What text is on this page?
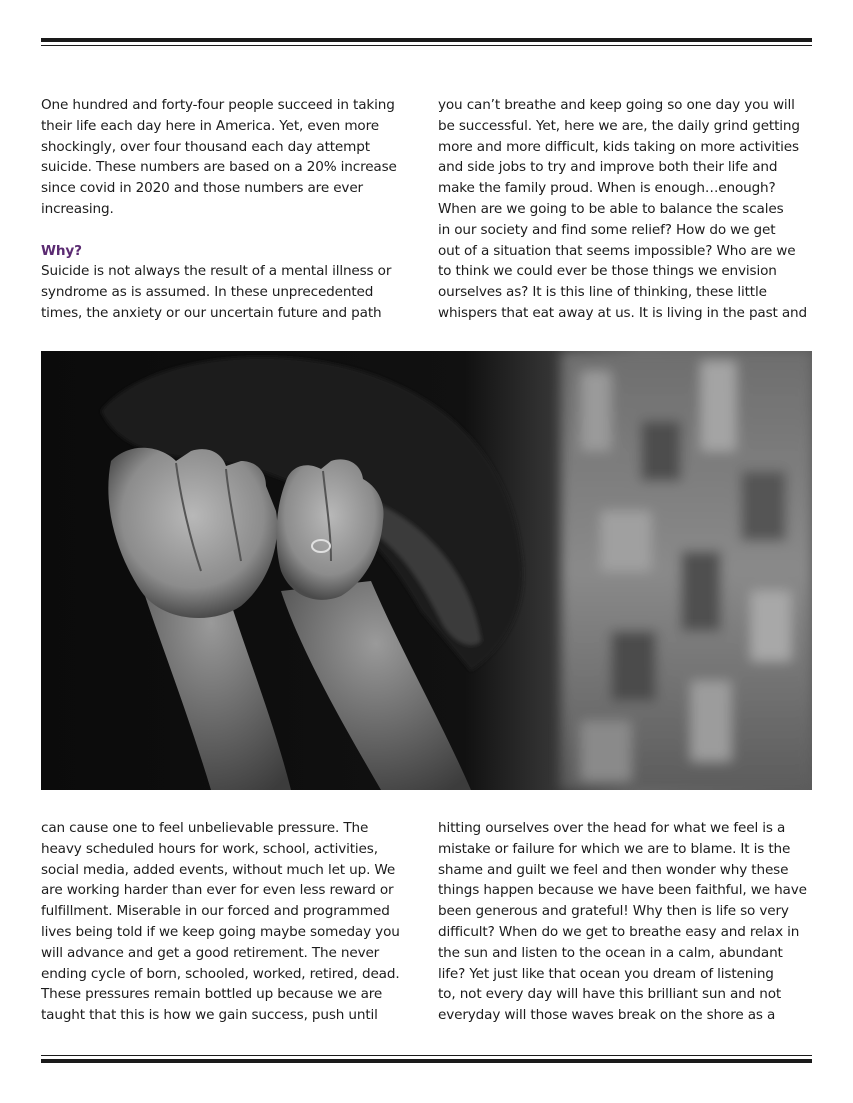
One hundred and forty-four people succeed in taking

their life each day here in America. Yet, even more

shockingly, over four thousand each day attempt

suicide. These numbers are based on a 20% increase

since covid in 2020 and those numbers are ever

increasing.

Why?

Suicide is not always the result of a mental illness or

syndrome as is assumed. In these unprecedented

times, the anxiety or our uncertain future and path

you can’t breathe and keep going so one day you will

be successful. Yet, here we are, the daily grind getting

more and more difficult, kids taking on more activities

and side jobs to try and improve both their life and

make the family proud. When is enough…enough?

When are we going to be able to balance the scales

in our society and find some relief? How do we get

out of a situation that seems impossible? Who are we

to think we could ever be those things we envision

ourselves as? It is this line of thinking, these little

whispers that eat away at us. It is living in the past and

can cause one to feel unbelievable pressure. The

heavy scheduled hours for work, school, activities,

social media, added events, without much let up. We

are working harder than ever for even less reward or

fulfillment. Miserable in our forced and programmed

lives being told if we keep going maybe someday you

will advance and get a good retirement. The never

ending cycle of born, schooled, worked, retired, dead.

These pressures remain bottled up because we are

taught that this is how we gain success, push until

hitting ourselves over the head for what we feel is a

mistake or failure for which we are to blame. It is the

shame and guilt we feel and then wonder why these

things happen because we have been faithful, we have

been generous and grateful! Why then is life so very

difficult? When do we get to breathe easy and relax in

the sun and listen to the ocean in a calm, abundant

life? Yet just like that ocean you dream of listening

to, not every day will have this brilliant sun and not

everyday will those waves break on the shore as a
